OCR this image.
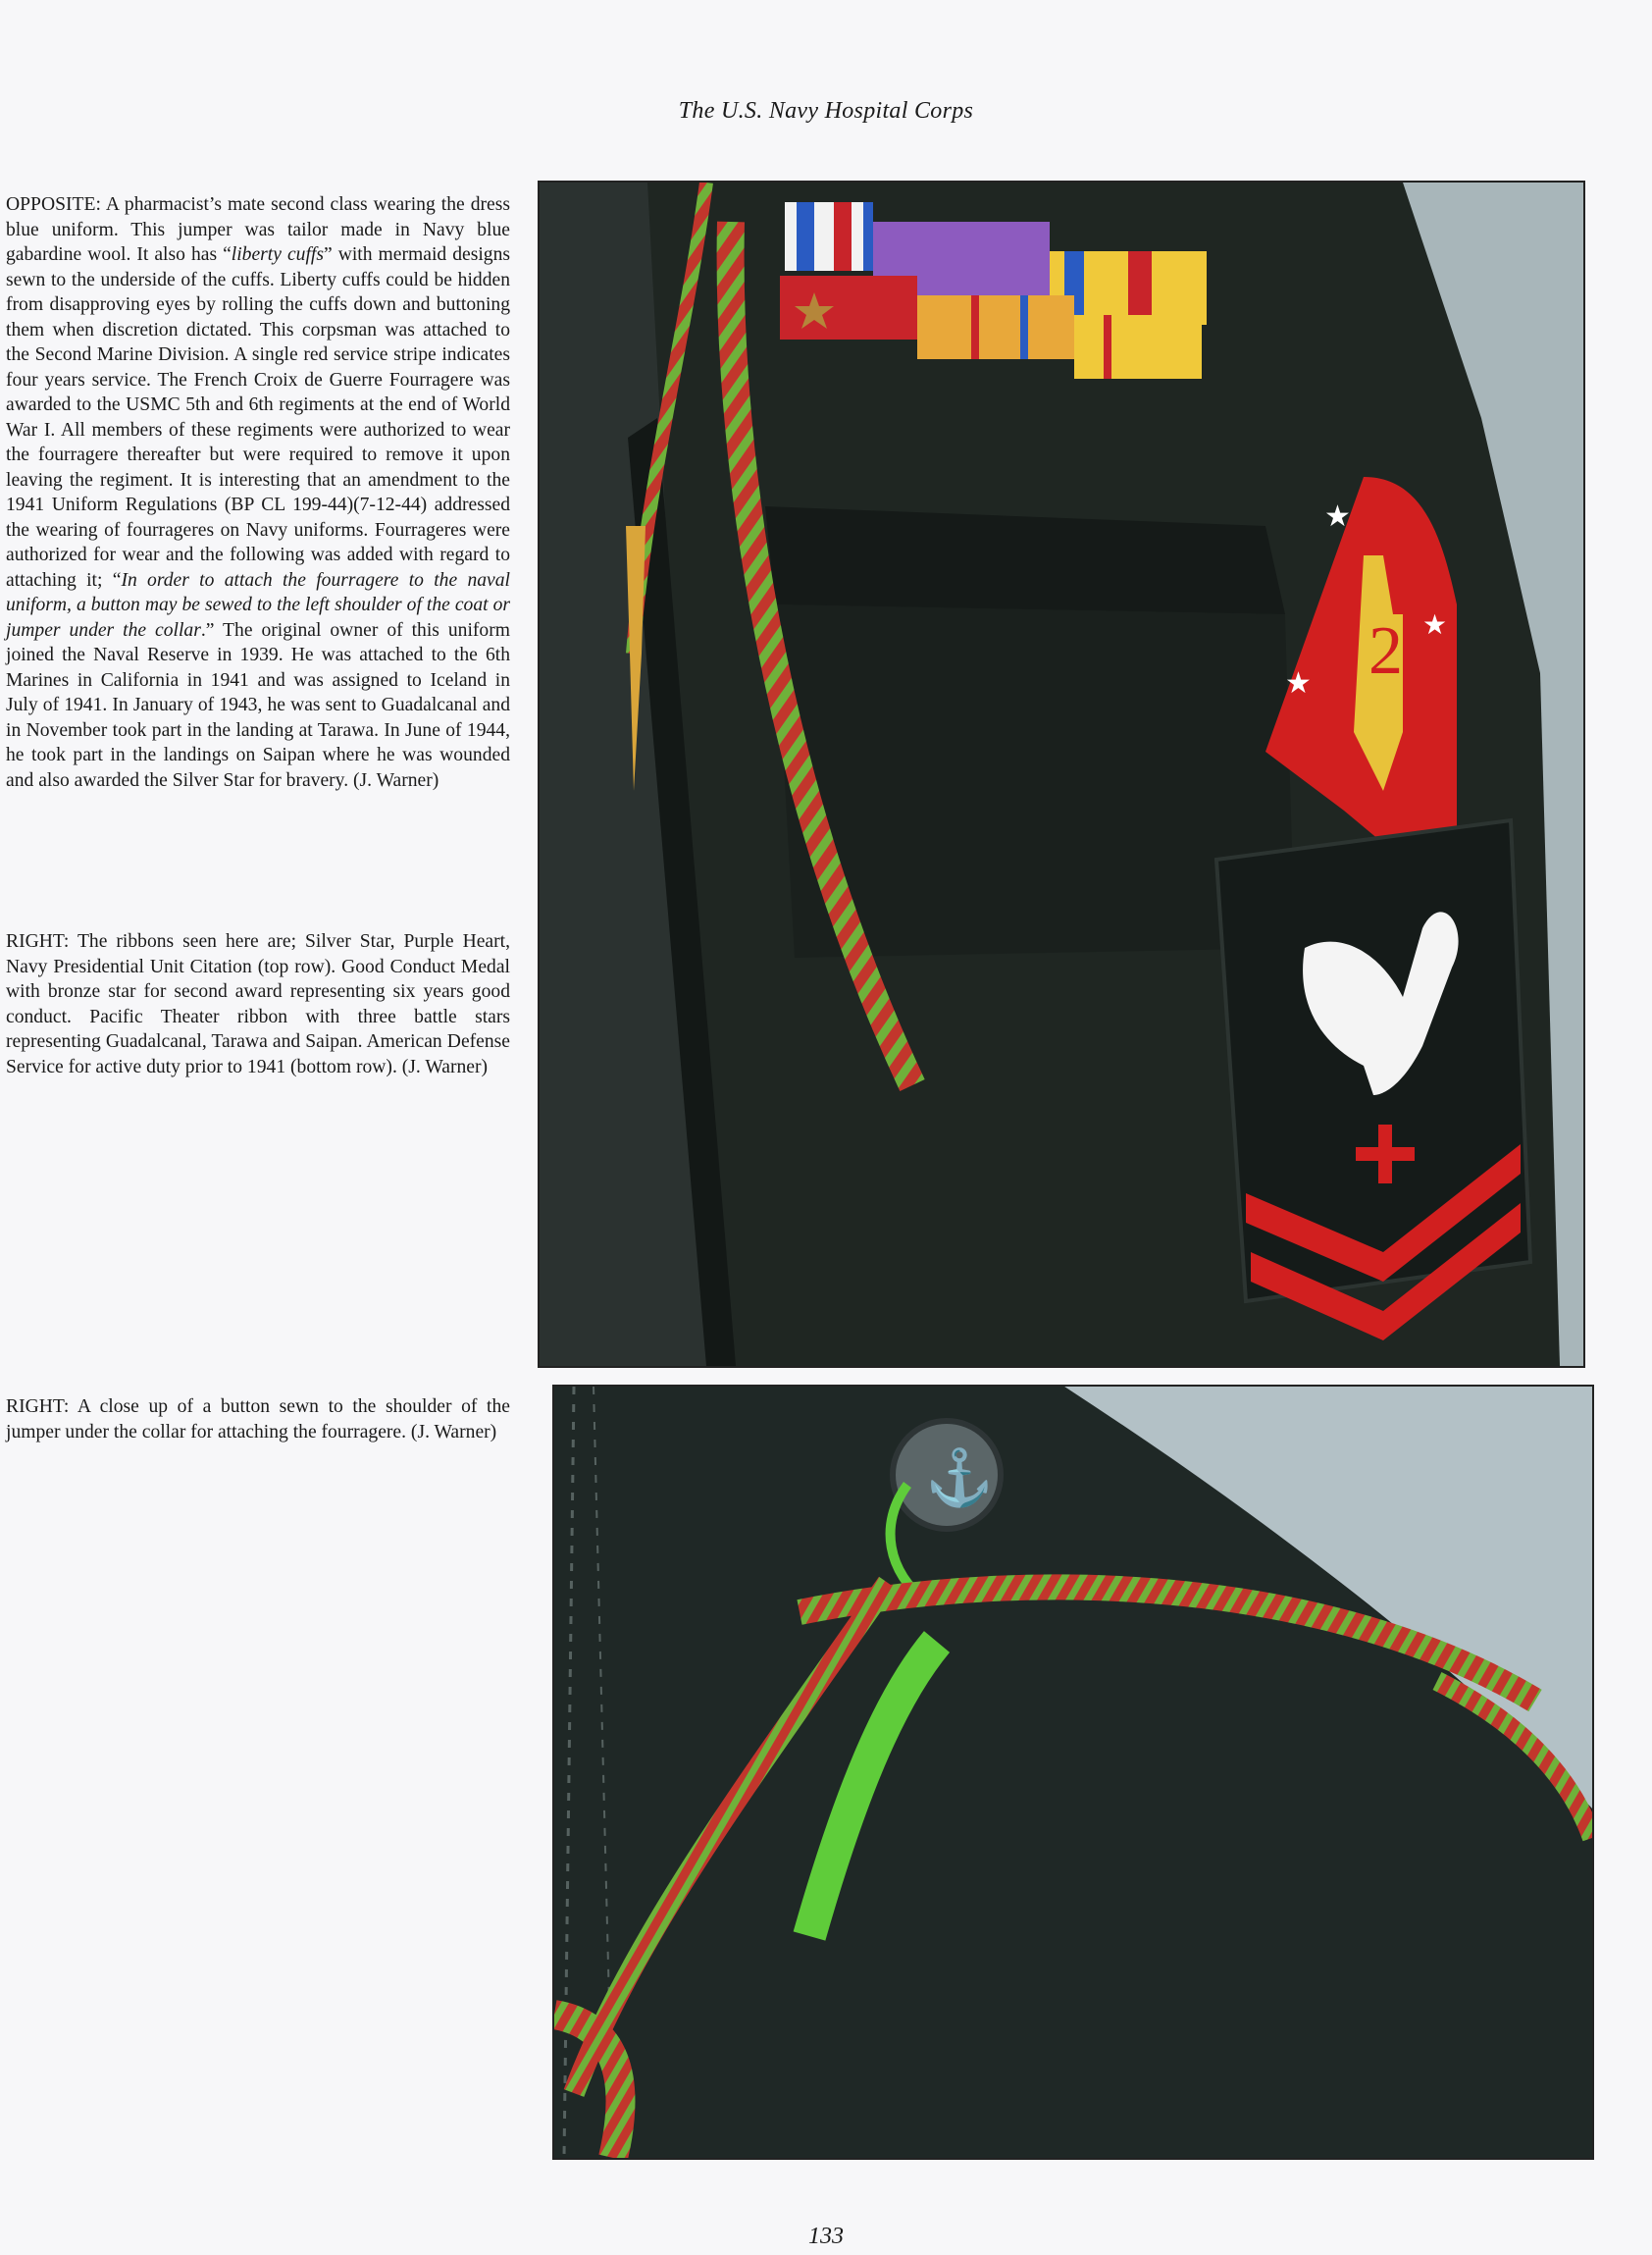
The U.S. Navy Hospital Corps

OPPOSITE: A pharmacist’s mate second class wearing the dress blue uniform. This jumper was tailor made in Navy blue gabardine wool. It also has “liberty cuffs” with mermaid designs sewn to the underside of the cuffs. Liberty cuffs could be hidden from disapproving eyes by rolling the cuffs down and buttoning them when discretion dictated. This corpsman was attached to the Second Marine Division. A single red service stripe indicates four years service. The French Croix de Guerre Fourragere was awarded to the USMC 5th and 6th regiments at the end of World War I. All members of these regiments were authorized to wear the fourragere thereafter but were required to remove it upon leaving the regiment. It is interesting that an amendment to the 1941 Uniform Regulations (BP CL 199-44)(7-12-44) addressed the wearing of fourrageres on Navy uniforms. Fourrageres were authorized for wear and the following was added with regard to attaching it; “In order to attach the fourragere to the naval uniform, a button may be sewed to the left shoulder of the coat or jumper under the collar.” The original owner of this uniform joined the Naval Reserve in 1939. He was attached to the 6th Marines in California in 1941 and was assigned to Iceland in July of 1941. In January of 1943, he was sent to Guadalcanal and in November took part in the landing at Tarawa. In June of 1944, he took part in the landings on Saipan where he was wounded and also awarded the Silver Star for bravery. (J. Warner)

RIGHT: The ribbons seen here are; Silver Star, Purple Heart, Navy Presidential Unit Citation (top row). Good Conduct Medal with bronze star for second award representing six years good conduct. Pacific Theater ribbon with three battle stars representing Guadalcanal, Tarawa and Saipan. American Defense Service for active duty prior to 1941 (bottom row). (J. Warner)

RIGHT: A close up of a button sewn to the shoulder of the jumper under the collar for attaching the fourragere. (J. Warner)

2
★
★
★
⚓
133
